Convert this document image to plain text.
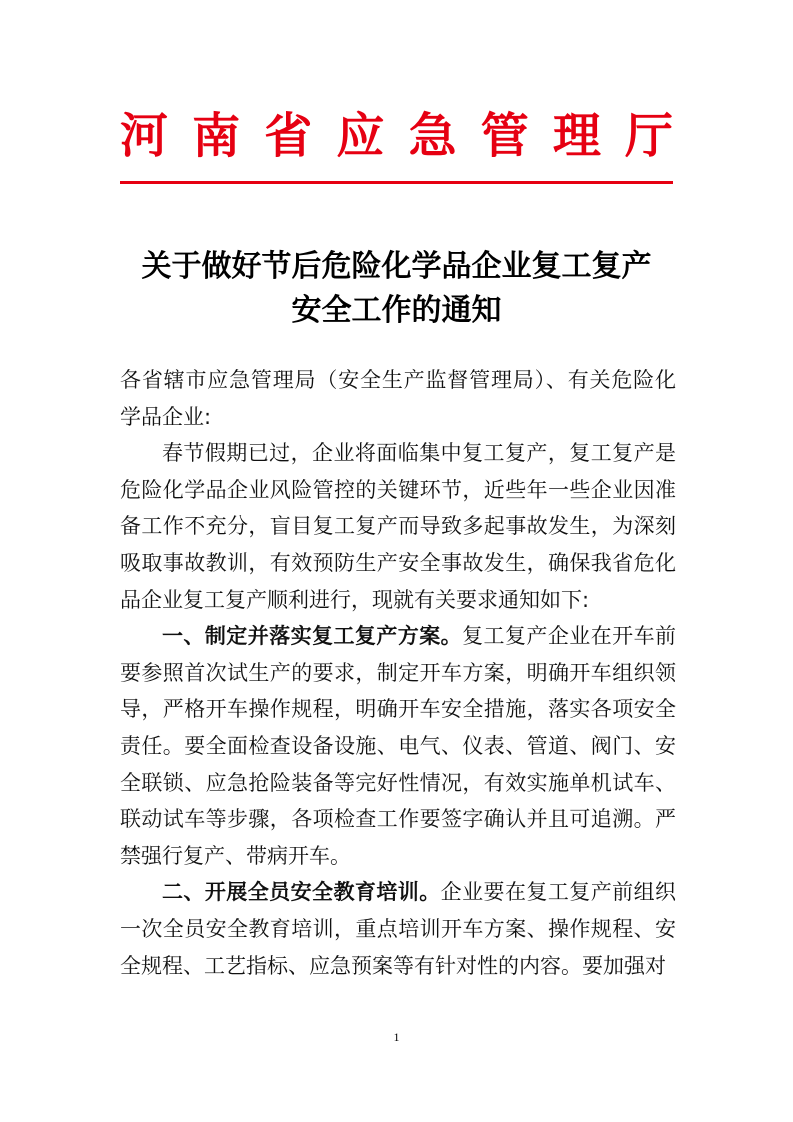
河南省应急管理厅
关于做好节后危险化学品企业复工复产
安全工作的通知

各省辖市应急管理局（安全生产监督管理局）、有关危险化学品企业:

春节假期已过，企业将面临集中复工复产，复工复产是危险化学品企业风险管控的关键环节，近些年一些企业因准备工作不充分，盲目复工复产而导致多起事故发生，为深刻吸取事故教训，有效预防生产安全事故发生，确保我省危化品企业复工复产顺利进行，现就有关要求通知如下:

一、制定并落实复工复产方案。复工复产企业在开车前要参照首次试生产的要求，制定开车方案，明确开车组织领导，严格开车操作规程，明确开车安全措施，落实各项安全责任。要全面检查设备设施、电气、仪表、管道、阀门、安全联锁、应急抢险装备等完好性情况，有效实施单机试车、联动试车等步骤，各项检查工作要签字确认并且可追溯。严禁强行复产、带病开车。

二、开展全员安全教育培训。企业要在复工复产前组织一次全员安全教育培训，重点培训开车方案、操作规程、安全规程、工艺指标、应急预案等有针对性的内容。要加强对

1
